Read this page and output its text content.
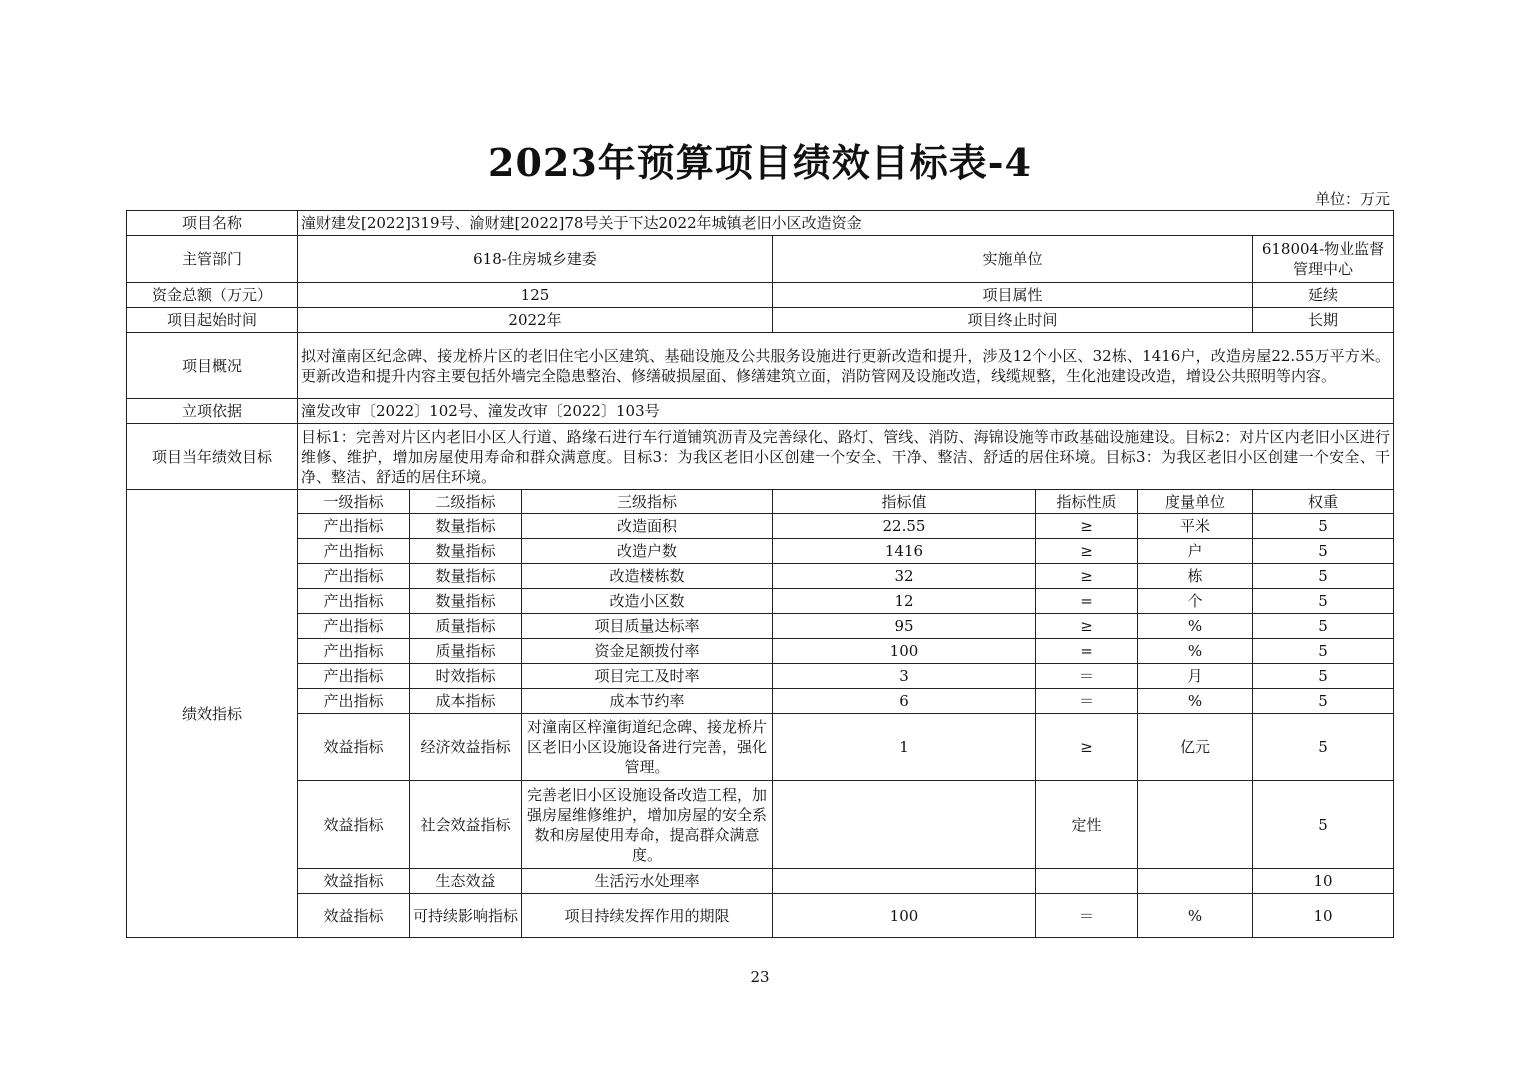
2023年预算项目绩效目标表-4
单位：万元
项目名称	潼财建发[2022]319号、渝财建[2022]78号关于下达2022年城镇老旧小区改造资金						
主管部门	618-住房城乡建委			实施单位			618004-物业监督管理中心
资金总额（万元）	125			项目属性			延续
项目起始时间	2022年			项目终止时间			长期
项目概况	拟对潼南区纪念碑、接龙桥片区的老旧住宅小区建筑、基础设施及公共服务设施进行更新改造和提升，涉及12个小区、32栋、1416户，改造房屋22.55万平方米。更新改造和提升内容主要包括外墙完全隐患整治、修缮破损屋面、修缮建筑立面，消防管网及设施改造，线缆规整，生化池建设改造，增设公共照明等内容。						
立项依据	潼发改审〔2022〕102号、潼发改审〔2022〕103号						
项目当年绩效目标	目标1：完善对片区内老旧小区人行道、路缘石进行车行道铺筑沥青及完善绿化、路灯、管线、消防、海锦设施等市政基础设施建设。目标2：对片区内老旧小区进行维修、维护，增加房屋使用寿命和群众满意度。目标3：为我区老旧小区创建一个安全、干净、整洁、舒适的居住环境。目标3：为我区老旧小区创建一个安全、干净、整洁、舒适的居住环境。						
绩效指标	一级指标	二级指标	三级指标	指标值	指标性质	度量单位	权重
	产出指标	数量指标	改造面积	22.55	≥	平米	5
	产出指标	数量指标	改造户数	1416	≥	户	5
	产出指标	数量指标	改造楼栋数	32	≥	栋	5
	产出指标	数量指标	改造小区数	12	=	个	5
	产出指标	质量指标	项目质量达标率	95	≥	%	5
	产出指标	质量指标	资金足额拨付率	100	=	%	5
	产出指标	时效指标	项目完工及时率	3	＝	月	5
	产出指标	成本指标	成本节约率	6	＝	%	5
	效益指标	经济效益指标	对潼南区梓潼街道纪念碑、接龙桥片区老旧小区设施设备进行完善，强化管理。	1	≥	亿元	5
	效益指标	社会效益指标	完善老旧小区设施设备改造工程，加强房屋维修维护，增加房屋的安全系数和房屋使用寿命，提高群众满意度。		定性		5
	效益指标	生态效益	生活污水处理率				10
	效益指标	可持续影响指标	项目持续发挥作用的期限	100	＝	%	10
23
